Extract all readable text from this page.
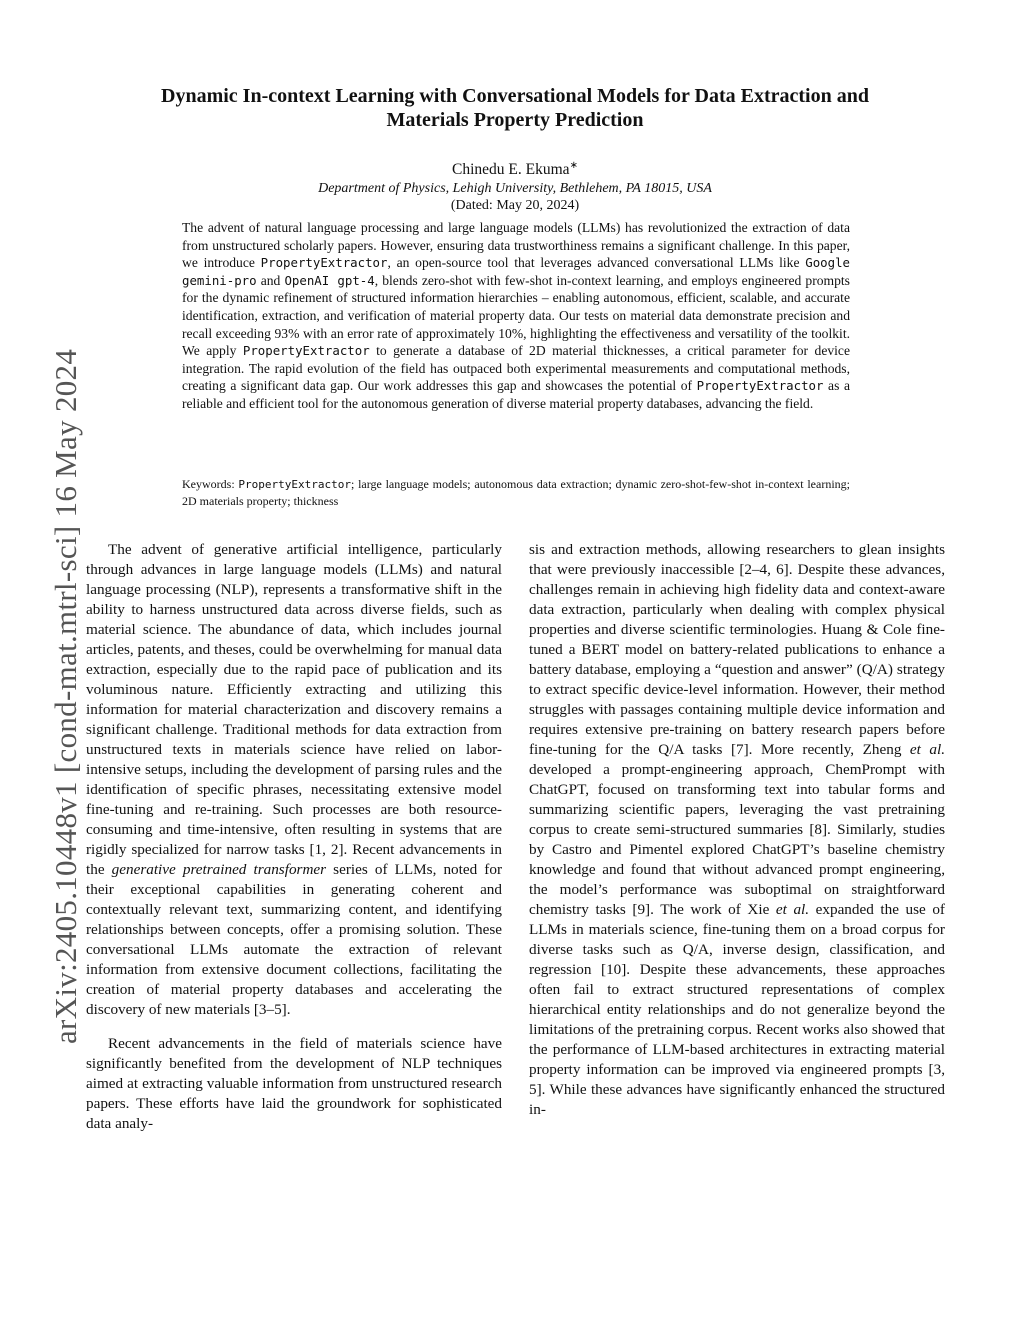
arXiv:2405.10448v1 [cond-mat.mtrl-sci] 16 May 2024
Dynamic In-context Learning with Conversational Models for Data Extraction and
Materials Property Prediction
Chinedu E. Ekuma∗
Department of Physics, Lehigh University, Bethlehem, PA 18015, USA
(Dated: May 20, 2024)

The advent of natural language processing and large language models (LLMs) has revolutionized the extraction of data from unstructured scholarly papers. However, ensuring data trustworthiness remains a significant challenge. In this paper, we introduce PropertyExtractor, an open-source tool that leverages advanced conversational LLMs like Google gemini-pro and OpenAI gpt-4, blends zero-shot with few-shot in-context learning, and employs engineered prompts for the dynamic refinement of structured information hierarchies – enabling autonomous, efficient, scalable, and accurate identification, extraction, and verification of material property data. Our tests on material data demonstrate precision and recall exceeding 93% with an error rate of approximately 10%, highlighting the effectiveness and versatility of the toolkit. We apply PropertyExtractor to generate a database of 2D material thicknesses, a critical parameter for device integration. The rapid evolution of the field has outpaced both experimental measurements and computational methods, creating a significant data gap. Our work addresses this gap and showcases the potential of PropertyExtractor as a reliable and efficient tool for the autonomous generation of diverse material property databases, advancing the field.

Keywords: PropertyExtractor; large language models; autonomous data extraction; dynamic zero-shot-few-shot in-context learning; 2D materials property; thickness

The advent of generative artificial intelligence, particularly through advances in large language models (LLMs) and natural language processing (NLP), represents a transformative shift in the ability to harness unstructured data across diverse fields, such as material science. The abundance of data, which includes journal articles, patents, and theses, could be overwhelming for manual data extraction, especially due to the rapid pace of publication and its voluminous nature. Efficiently extracting and utilizing this information for material characterization and discovery remains a significant challenge. Traditional methods for data extraction from unstructured texts in materials science have relied on labor-intensive setups, including the development of parsing rules and the identification of specific phrases, necessitating extensive model fine-tuning and re-training. Such processes are both resource-consuming and time-intensive, often resulting in systems that are rigidly specialized for narrow tasks [1, 2]. Recent advancements in the generative pretrained transformer series of LLMs, noted for their exceptional capabilities in generating coherent and contextually relevant text, summarizing content, and identifying relationships between concepts, offer a promising solution. These conversational LLMs automate the extraction of relevant information from extensive document collections, facilitating the creation of material property databases and accelerating the discovery of new materials [3–5].

Recent advancements in the field of materials science have significantly benefited from the development of NLP techniques aimed at extracting valuable information from unstructured research papers. These efforts have laid the groundwork for sophisticated data analy-

sis and extraction methods, allowing researchers to glean insights that were previously inaccessible [2–4, 6]. Despite these advances, challenges remain in achieving high fidelity data and context-aware data extraction, particularly when dealing with complex physical properties and diverse scientific terminologies. Huang & Cole fine-tuned a BERT model on battery-related publications to enhance a battery database, employing a “question and answer” (Q/A) strategy to extract specific device-level information. However, their method struggles with passages containing multiple device information and requires extensive pre-training on battery research papers before fine-tuning for the Q/A tasks [7]. More recently, Zheng et al. developed a prompt-engineering approach, ChemPrompt with ChatGPT, focused on transforming text into tabular forms and summarizing scientific papers, leveraging the vast pretraining corpus to create semi-structured summaries [8]. Similarly, studies by Castro and Pimentel explored ChatGPT’s baseline chemistry knowledge and found that without advanced prompt engineering, the model’s performance was suboptimal on straightforward chemistry tasks [9]. The work of Xie et al. expanded the use of LLMs in materials science, fine-tuning them on a broad corpus for diverse tasks such as Q/A, inverse design, classification, and regression [10]. Despite these advancements, these approaches often fail to extract structured representations of complex hierarchical entity relationships and do not generalize beyond the limitations of the pretraining corpus. Recent works also showed that the performance of LLM-based architectures in extracting material property information can be improved via engineered prompts [3, 5]. While these advances have significantly enhanced the structured in-
